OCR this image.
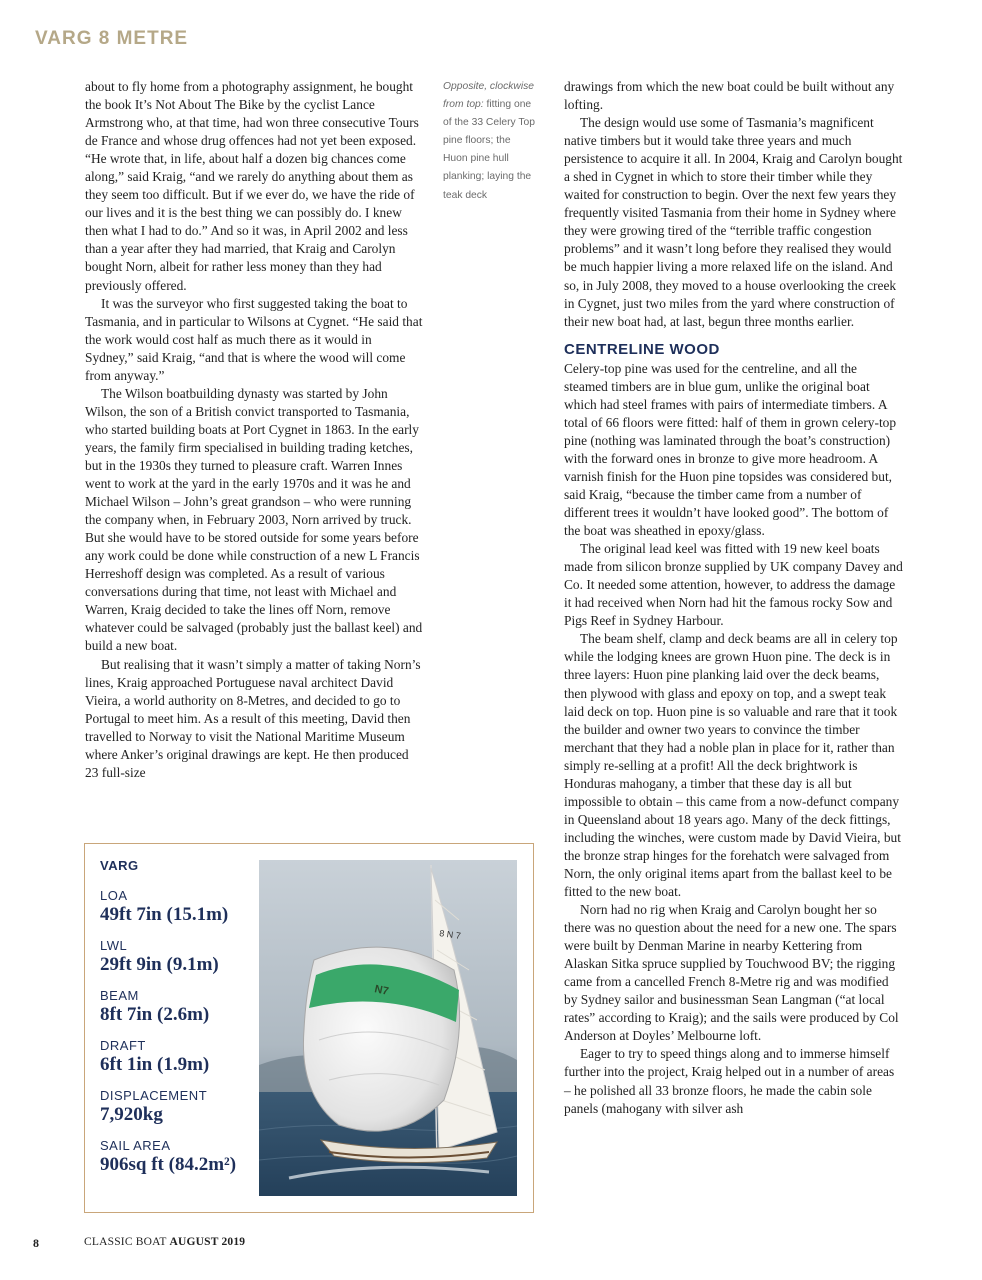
VARG 8 METRE

about to fly home from a photography assignment, he bought the book It’s Not About The Bike by the cyclist Lance Armstrong who, at that time, had won three consecutive Tours de France and whose drug offences had not yet been exposed. “He wrote that, in life, about half a dozen big chances come along,” said Kraig, “and we rarely do anything about them as they seem too difficult. But if we ever do, we have the ride of our lives and it is the best thing we can possibly do. I knew then what I had to do.” And so it was, in April 2002 and less than a year after they had married, that Kraig and Carolyn bought Norn, albeit for rather less money than they had previously offered.

It was the surveyor who first suggested taking the boat to Tasmania, and in particular to Wilsons at Cygnet. “He said that the work would cost half as much there as it would in Sydney,” said Kraig, “and that is where the wood will come from anyway.”

The Wilson boatbuilding dynasty was started by John Wilson, the son of a British convict transported to Tasmania, who started building boats at Port Cygnet in 1863. In the early years, the family firm specialised in building trading ketches, but in the 1930s they turned to pleasure craft. Warren Innes went to work at the yard in the early 1970s and it was he and Michael Wilson – John’s great grandson – who were running the company when, in February 2003, Norn arrived by truck. But she would have to be stored outside for some years before any work could be done while construction of a new L Francis Herreshoff design was completed. As a result of various conversations during that time, not least with Michael and Warren, Kraig decided to take the lines off Norn, remove whatever could be salvaged (probably just the ballast keel) and build a new boat.

But realising that it wasn’t simply a matter of taking Norn’s lines, Kraig approached Portuguese naval architect David Vieira, a world authority on 8-Metres, and decided to go to Portugal to meet him. As a result of this meeting, David then travelled to Norway to visit the National Maritime Museum where Anker’s original drawings are kept. He then produced 23 full-size

Opposite, clockwise from top: fitting one of the 33 Celery Top pine floors; the Huon pine hull planking; laying the teak deck

drawings from which the new boat could be built without any lofting.

The design would use some of Tasmania’s magnificent native timbers but it would take three years and much persistence to acquire it all. In 2004, Kraig and Carolyn bought a shed in Cygnet in which to store their timber while they waited for construction to begin. Over the next few years they frequently visited Tasmania from their home in Sydney where they were growing tired of the “terrible traffic congestion problems” and it wasn’t long before they realised they would be much happier living a more relaxed life on the island. And so, in July 2008, they moved to a house overlooking the creek in Cygnet, just two miles from the yard where construction of their new boat had, at last, begun three months earlier.

CENTRELINE WOOD

Celery-top pine was used for the centreline, and all the steamed timbers are in blue gum, unlike the original boat which had steel frames with pairs of intermediate timbers. A total of 66 floors were fitted: half of them in grown celery-top pine (nothing was laminated through the boat’s construction) with the forward ones in bronze to give more headroom. A varnish finish for the Huon pine topsides was considered but, said Kraig, “because the timber came from a number of different trees it wouldn’t have looked good”. The bottom of the boat was sheathed in epoxy/glass.

The original lead keel was fitted with 19 new keel boats made from silicon bronze supplied by UK company Davey and Co. It needed some attention, however, to address the damage it had received when Norn had hit the famous rocky Sow and Pigs Reef in Sydney Harbour.

The beam shelf, clamp and deck beams are all in celery top while the lodging knees are grown Huon pine. The deck is in three layers: Huon pine planking laid over the deck beams, then plywood with glass and epoxy on top, and a swept teak laid deck on top. Huon pine is so valuable and rare that it took the builder and owner two years to convince the timber merchant that they had a noble plan in place for it, rather than simply re-selling at a profit! All the deck brightwork is Honduras mahogany, a timber that these day is all but impossible to obtain – this came from a now-defunct company in Queensland about 18 years ago. Many of the deck fittings, including the winches, were custom made by David Vieira, but the bronze strap hinges for the forehatch were salvaged from Norn, the only original items apart from the ballast keel to be fitted to the new boat.

Norn had no rig when Kraig and Carolyn bought her so there was no question about the need for a new one. The spars were built by Denman Marine in nearby Kettering from Alaskan Sitka spruce supplied by Touchwood BV; the rigging came from a cancelled French 8-Metre rig and was modified by Sydney sailor and businessman Sean Langman (“at local rates” according to Kraig); and the sails were produced by Col Anderson at Doyles’ Melbourne loft.

Eager to try to speed things along and to immerse himself further into the project, Kraig helped out in a number of areas – he polished all 33 bronze floors, he made the cabin sole panels (mahogany with silver ash

VARG
LOA
49ft 7in (15.1m)
LWL
29ft 9in (9.1m)
BEAM
8ft 7in (2.6m)
DRAFT
6ft 1in (1.9m)
DISPLACEMENT
7,920kg
SAIL AREA
906sq ft (84.2m²)
8 N 7
N7
8	CLASSIC BOAT AUGUST 2019
